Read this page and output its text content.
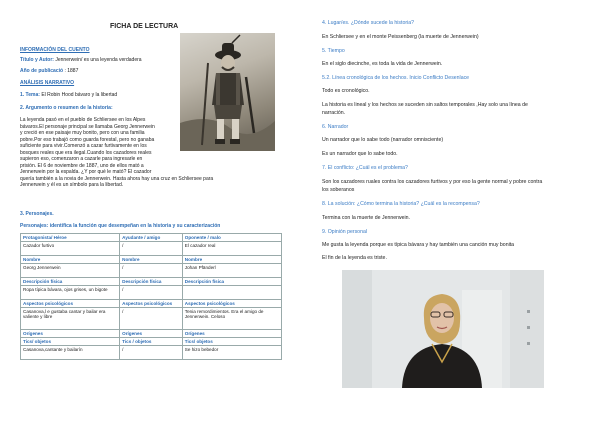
FICHA DE LECTURA
INFORMACIÓN DEL CUENTO
Título y Autor: Jennerwein/ es una leyenda verdadera
Año de publicació : 1887
ANÁLISIS NARRATIVO
1. Tema: El Robin Hood bávaro y la libertad
2. Argumento o resumen de la historia:
La leyenda pasó en el pueblo de Schliersee en los Alpes
bávaros.El personaje principal se llamaba Georg Jennerwein
y creció en ese paisaje muy bonito, pero con una familia
pobre.Por eso trabajó como guarda forestal, pero no ganaba
suficiente para vivir.Comenzó a cazar furtivamente en los
bosques reales que era ilegal.Cuando los cazadores reales
supieron eso, comenzaron a cazarle para ingresarle en
prisión. El 6 de noviembre de 1887, uno de ellos mató a
Jennerwein por la espalda. ¿Y por qué le mató? El cazador
quería también a la novia de Jennerwein. Hasta ahora hay una cruz en Schliersee para
Jennerwein y él es un símbolo para la libertad.
3. Personajes.
Personajes: identifica la función que desempeñan en la historia y su caracterización
Protagonista/ Héroe	Ayudante / amigo	Oponente / malo
Cazador furtivo	/	El cazador real
Nombre	Nombre	Nombre
Georg Jennerwein	/	Johan Pfänderl
Descripción física	Descripción física	Descripción física
Ropa típica bávara, ojos grises, un bigote	/	
Aspectos psicológicos	Aspectos psicológicos	Aspectos psicológicos
Casanova,l e gustaba cantar y bailar era valiente y libre	/	Tenia remordimientos. Era el amigo de Jennerwein. Celoso
Orígenes	Orígenes	Orígenes
Tics/ objetos	Tics / objetos	Tics/ objetos
Casanova,cantante y bailarín	/	Se hizo bebedor
4. Lugar/es. ¿Dónde sucede la historia?
En Schliersee y en el monte Peissenberg (la muerte de Jennerwein)
5. Tiempo
En el siglo diecinche, es toda la vida de Jennerwein.
5.2. Línea cronológica de los hechos. Inicio Conflicto Desenlace
Todo es cronológico.
La historia es lineal y los hechos se suceden sin saltos temporales ,Hay solo una línea de
narración.
6. Narrador
Un narrador que lo sabe todo (narrador omnisciente)
Es un narrador que lo sabe todo.
7. El conflicto: ¿Cuál es el problema?
Son los cazadores ruales contra los cazadores furtivos y por eso la gente normal y pobre contra
los soberanos
8. La solución: ¿Cómo termina la historia? ¿Cuál es la recompensa?
Termina con la muerte de Jennerwein.
9. Opinión personal
Me gusta la leyenda porque es típica bávara y hay también una canción muy bonita
El fin de la leyenda es triste.
